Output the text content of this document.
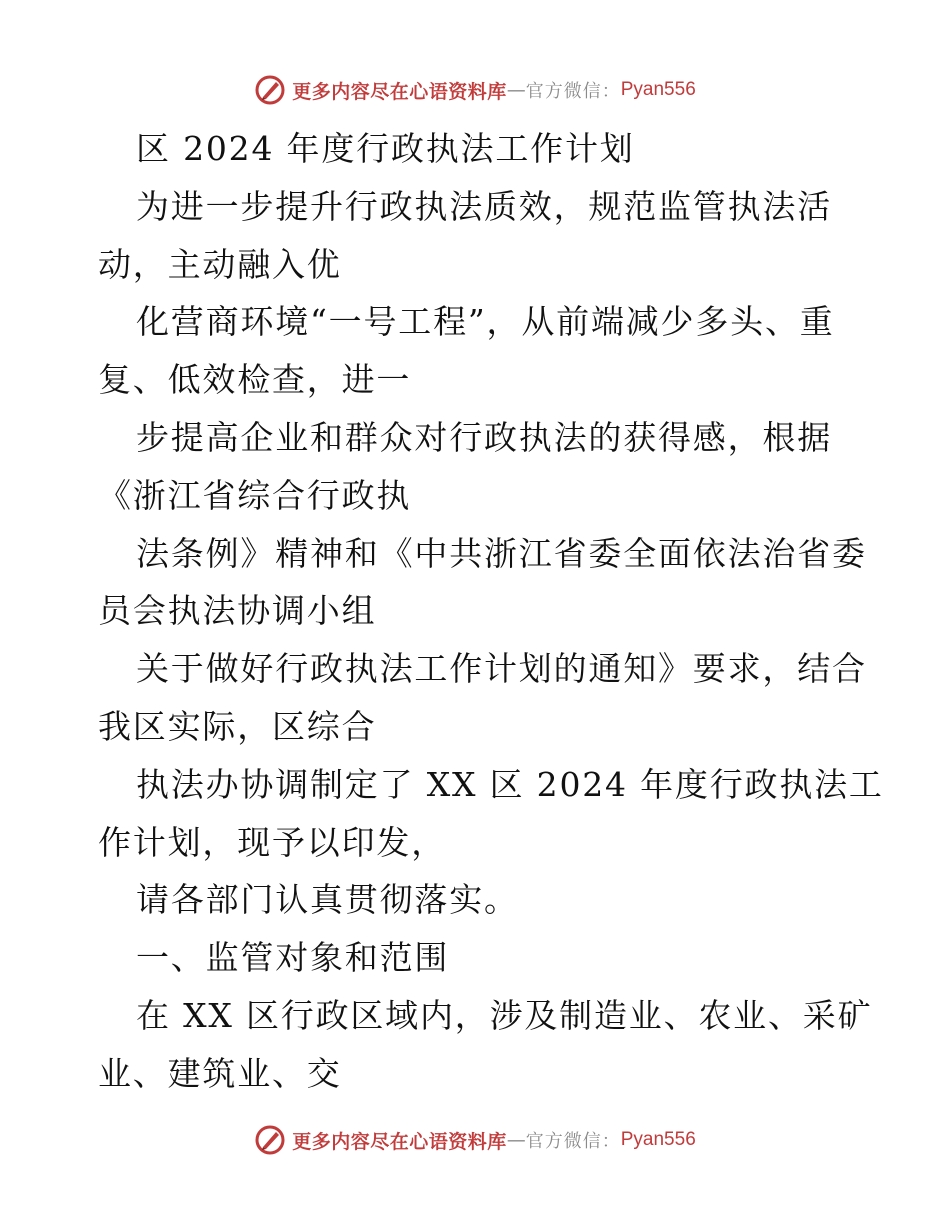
更多内容尽在心语资料库 — 官方微信： Pyan556
区 2024 年度行政执法工作计划
为进一步提升行政执法质效，规范监管执法活
动，主动融入优
化营商环境“一号工程”，从前端减少多头、重
复、低效检查，进一
步提高企业和群众对行政执法的获得感，根据
《浙江省综合行政执
法条例》精神和《中共浙江省委全面依法治省委
员会执法协调小组
关于做好行政执法工作计划的通知》要求，结合
我区实际，区综合
执法办协调制定了 XX 区 2024 年度行政执法工
作计划，现予以印发，
请各部门认真贯彻落实。
一、监管对象和范围
在 XX 区行政区域内，涉及制造业、农业、采矿
业、建筑业、交
更多内容尽在心语资料库 — 官方微信： Pyan556
